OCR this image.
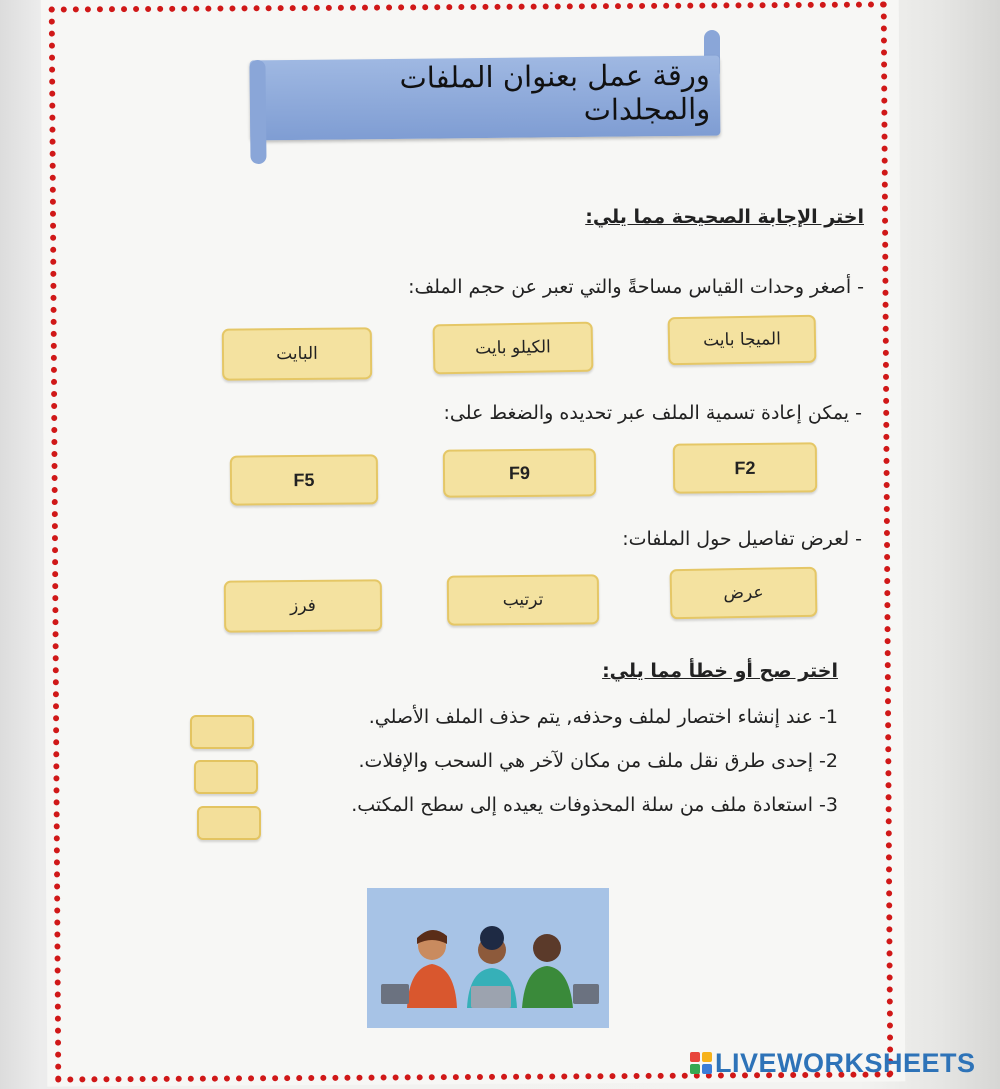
ورقة عمل بعنوان الملفات والمجلدات
اختر الإجابة الصحيحة مما يلي:
- أصغر وحدات القياس مساحةً والتي تعبر عن حجم الملف:
الميجا بايت
الكيلو بايت
البايت
- يمكن إعادة تسمية الملف عبر تحديده والضغط على:
F2
F9
F5
- لعرض تفاصيل حول الملفات:
عرض
ترتيب
فرز
اختر صح أو خطأ مما يلي:
1- عند إنشاء اختصار لملف وحذفه, يتم حذف الملف الأصلي.
2- إحدى طرق نقل ملف من مكان لآخر هي السحب والإفلات.
3- استعادة ملف من سلة المحذوفات يعيده إلى سطح المكتب.
LIVEWORKSHEETS
